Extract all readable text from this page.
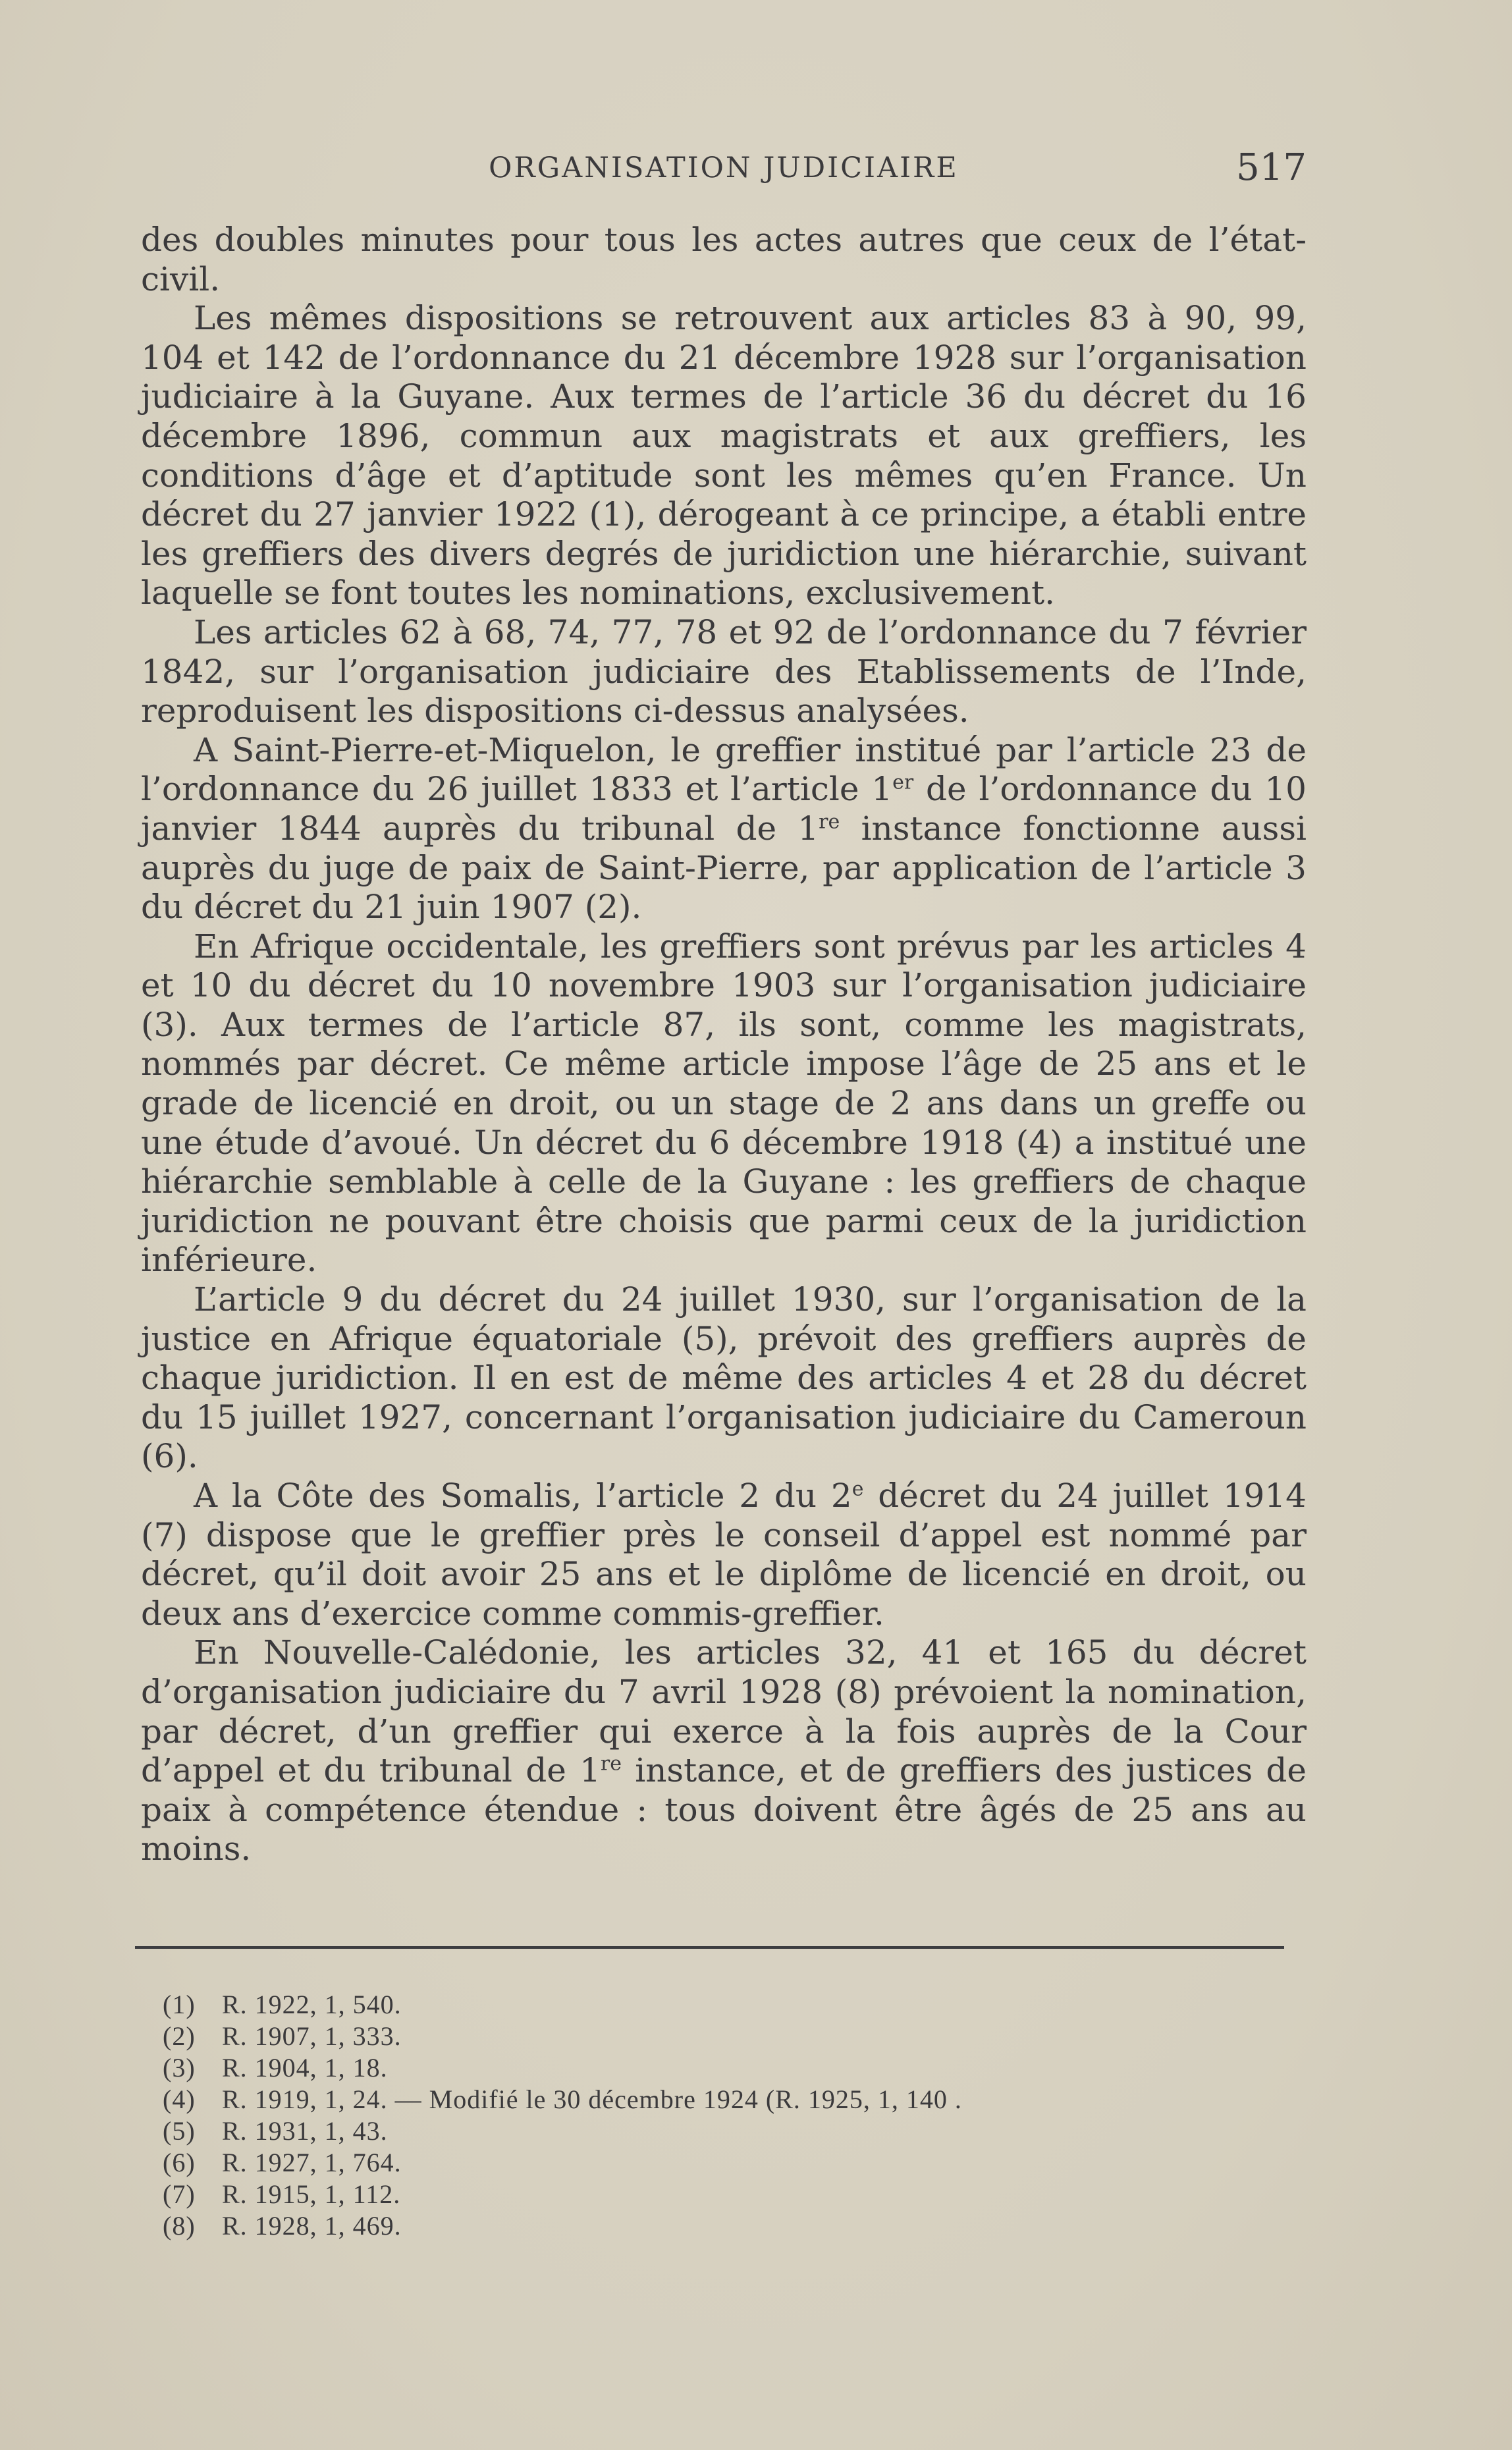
ORGANISATION JUDICIAIRE	517

des doubles minutes pour tous les actes autres que ceux de l’état-civil.

Les mêmes dispositions se retrouvent aux articles 83 à 90, 99, 104 et 142 de l’ordonnance du 21 décembre 1928 sur l’organisation judiciaire à la Guyane. Aux termes de l’article 36 du décret du 16 décembre 1896, commun aux magistrats et aux greffiers, les conditions d’âge et d’aptitude sont les mêmes qu’en France. Un décret du 27 janvier 1922 (1), dérogeant à ce principe, a établi entre les greffiers des divers degrés de juridiction une hiérarchie, suivant laquelle se font toutes les nominations, exclusivement.

Les articles 62 à 68, 74, 77, 78 et 92 de l’ordonnance du 7 février 1842, sur l’organisation judiciaire des Etablissements de l’Inde, reproduisent les dispositions ci-dessus analysées.

A Saint-Pierre-et-Miquelon, le greffier institué par l’article 23 de l’ordonnance du 26 juillet 1833 et l’article 1er de l’ordonnance du 10 janvier 1844 auprès du tribunal de 1re instance fonctionne aussi auprès du juge de paix de Saint-Pierre, par application de l’article 3 du décret du 21 juin 1907 (2).

En Afrique occidentale, les greffiers sont prévus par les articles 4 et 10 du décret du 10 novembre 1903 sur l’organisation judiciaire (3). Aux termes de l’article 87, ils sont, comme les magistrats, nommés par décret. Ce même article impose l’âge de 25 ans et le grade de licencié en droit, ou un stage de 2 ans dans un greffe ou une étude d’avoué. Un décret du 6 décembre 1918 (4) a institué une hiérarchie semblable à celle de la Guyane : les greffiers de chaque juridiction ne pouvant être choisis que parmi ceux de la juridiction inférieure.

L’article 9 du décret du 24 juillet 1930, sur l’organisation de la justice en Afrique équatoriale (5), prévoit des greffiers auprès de chaque juridiction. Il en est de même des articles 4 et 28 du décret du 15 juillet 1927, concernant l’organisation judiciaire du Cameroun (6).

A la Côte des Somalis, l’article 2 du 2e décret du 24 juillet 1914 (7) dispose que le greffier près le conseil d’appel est nommé par décret, qu’il doit avoir 25 ans et le diplôme de licencié en droit, ou deux ans d’exercice comme commis-greffier.

En Nouvelle-Calédonie, les articles 32, 41 et 165 du décret d’organisation judiciaire du 7 avril 1928 (8) prévoient la nomination, par décret, d’un greffier qui exerce à la fois auprès de la Cour d’appel et du tribunal de 1re instance, et de greffiers des justices de paix à compétence étendue : tous doivent être âgés de 25 ans au moins.

(1) R. 1922, 1, 540.
(2) R. 1907, 1, 333.
(3) R. 1904, 1, 18.
(4) R. 1919, 1, 24. — Modifié le 30 décembre 1924 (R. 1925, 1, 140 .
(5) R. 1931, 1, 43.
(6) R. 1927, 1, 764.
(7) R. 1915, 1, 112.
(8) R. 1928, 1, 469.
